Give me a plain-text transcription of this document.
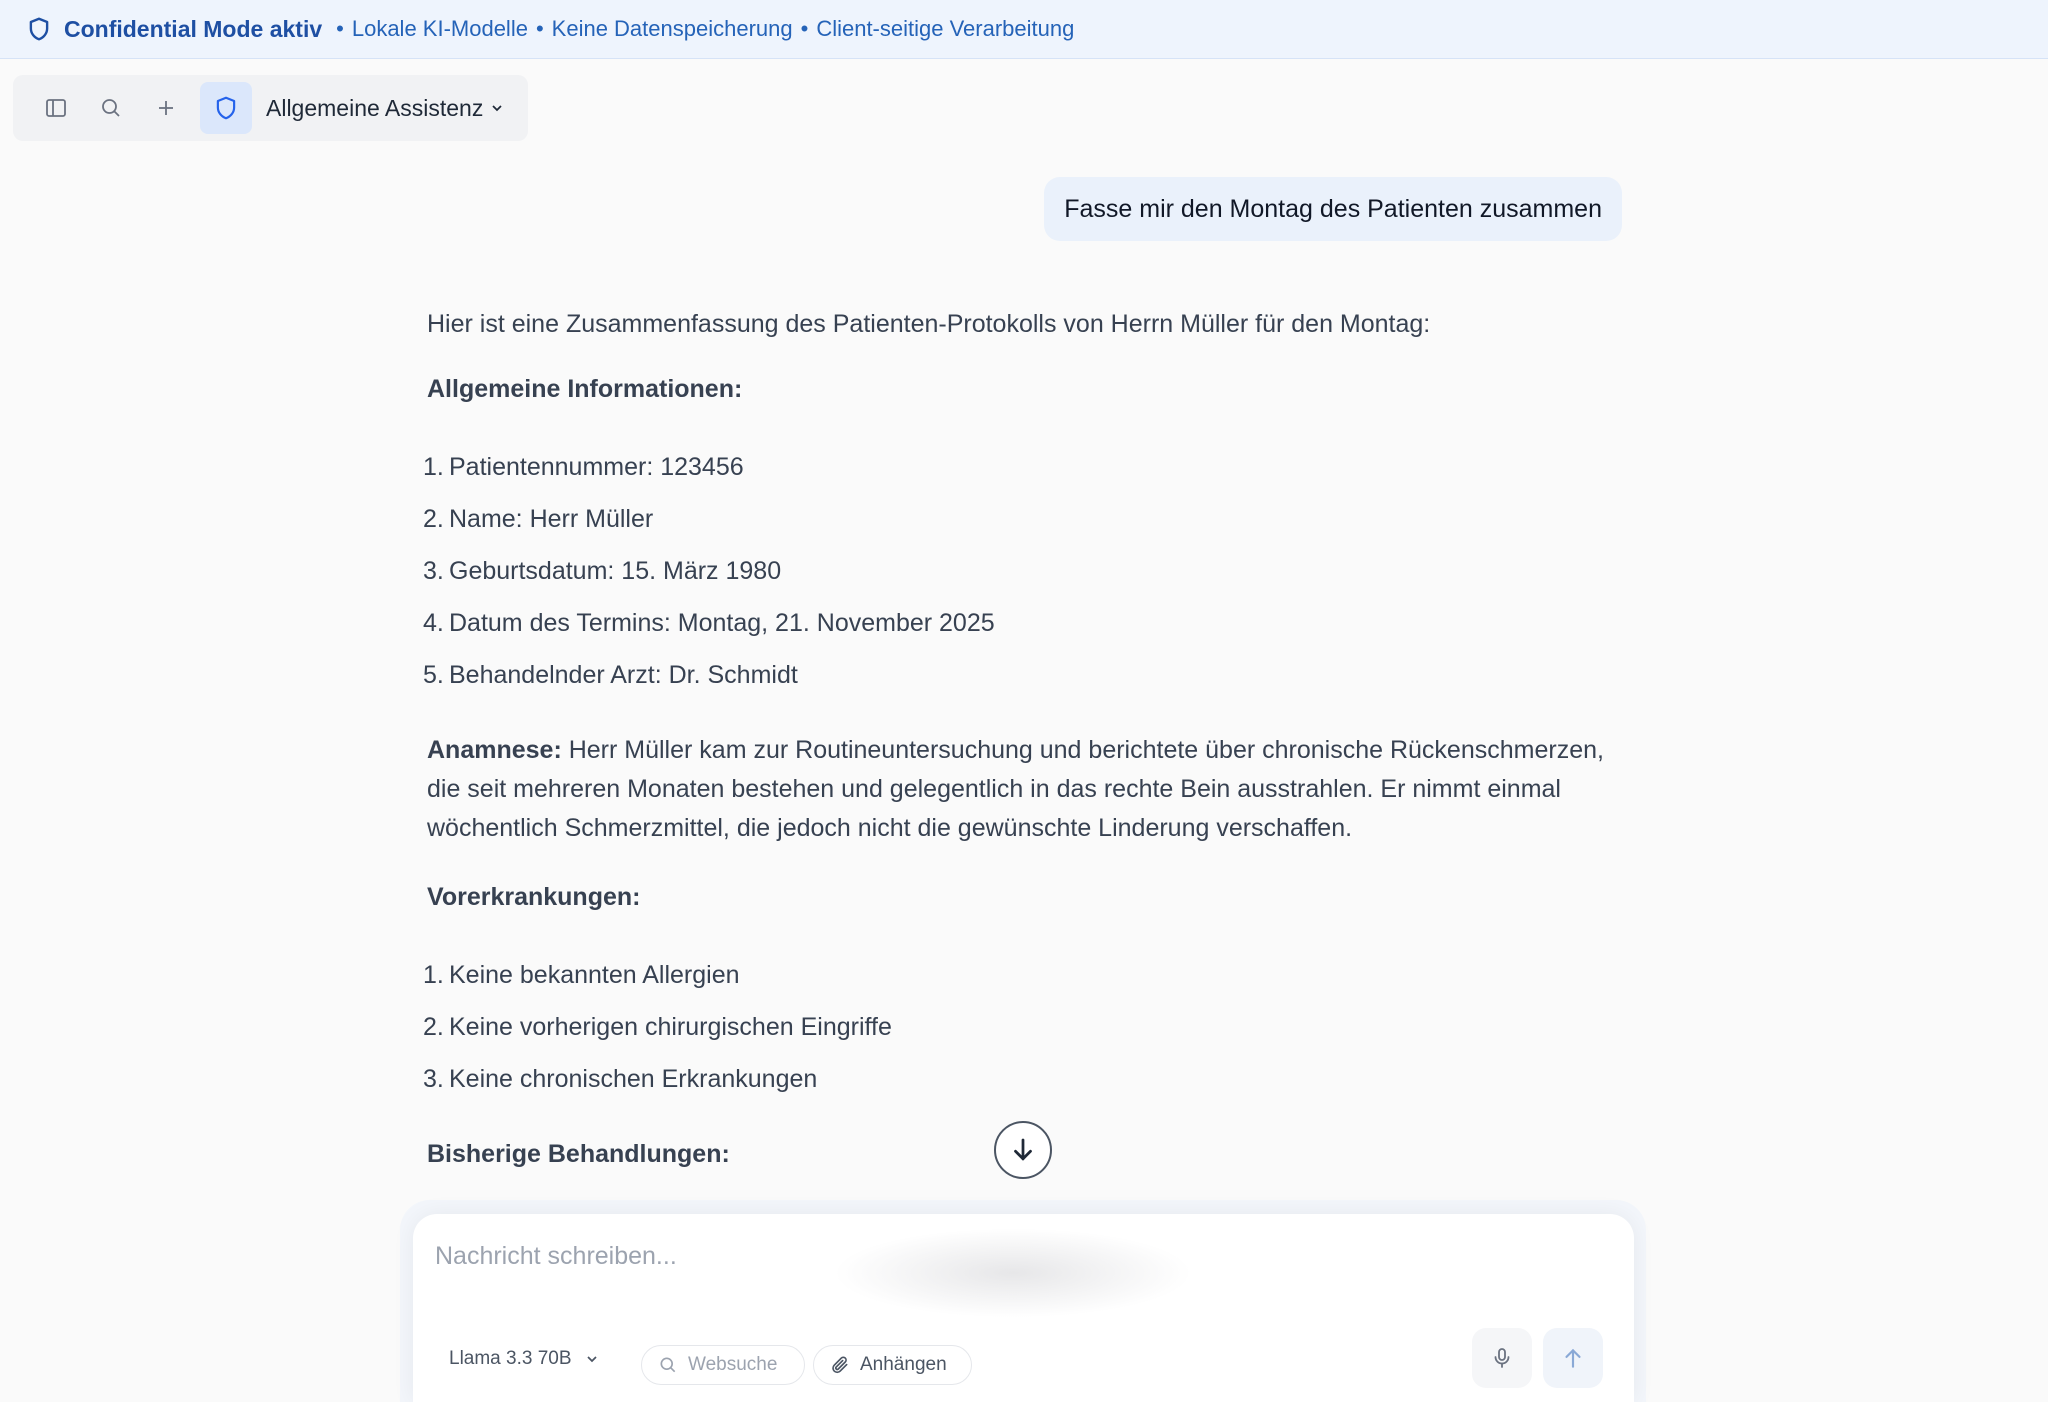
Confidential Mode aktiv • Lokale KI-Modelle • Keine Datenspeicherung • Client-seitige Verarbeitung
Allgemeine Assistenz
Fasse mir den Montag des Patienten zusammen
Hier ist eine Zusammenfassung des Patienten-Protokolls von Herrn Müller für den Montag:
Allgemeine Informationen:
1. Patientennummer: 123456
2. Name: Herr Müller
3. Geburtsdatum: 15. März 1980
4. Datum des Termins: Montag, 21. November 2025
5. Behandelnder Arzt: Dr. Schmidt
Anamnese: Herr Müller kam zur Routineuntersuchung und berichtete über chronische Rückenschmerzen, die seit mehreren Monaten bestehen und gelegentlich in das rechte Bein ausstrahlen. Er nimmt einmal wöchentlich Schmerzmittel, die jedoch nicht die gewünschte Linderung verschaffen.
Vorerkrankungen:
1. Keine bekannten Allergien
2. Keine vorherigen chirurgischen Eingriffe
3. Keine chronischen Erkrankungen
Bisherige Behandlungen:
Nachricht schreiben...
Llama 3.3 70B	Websuche	Anhängen
